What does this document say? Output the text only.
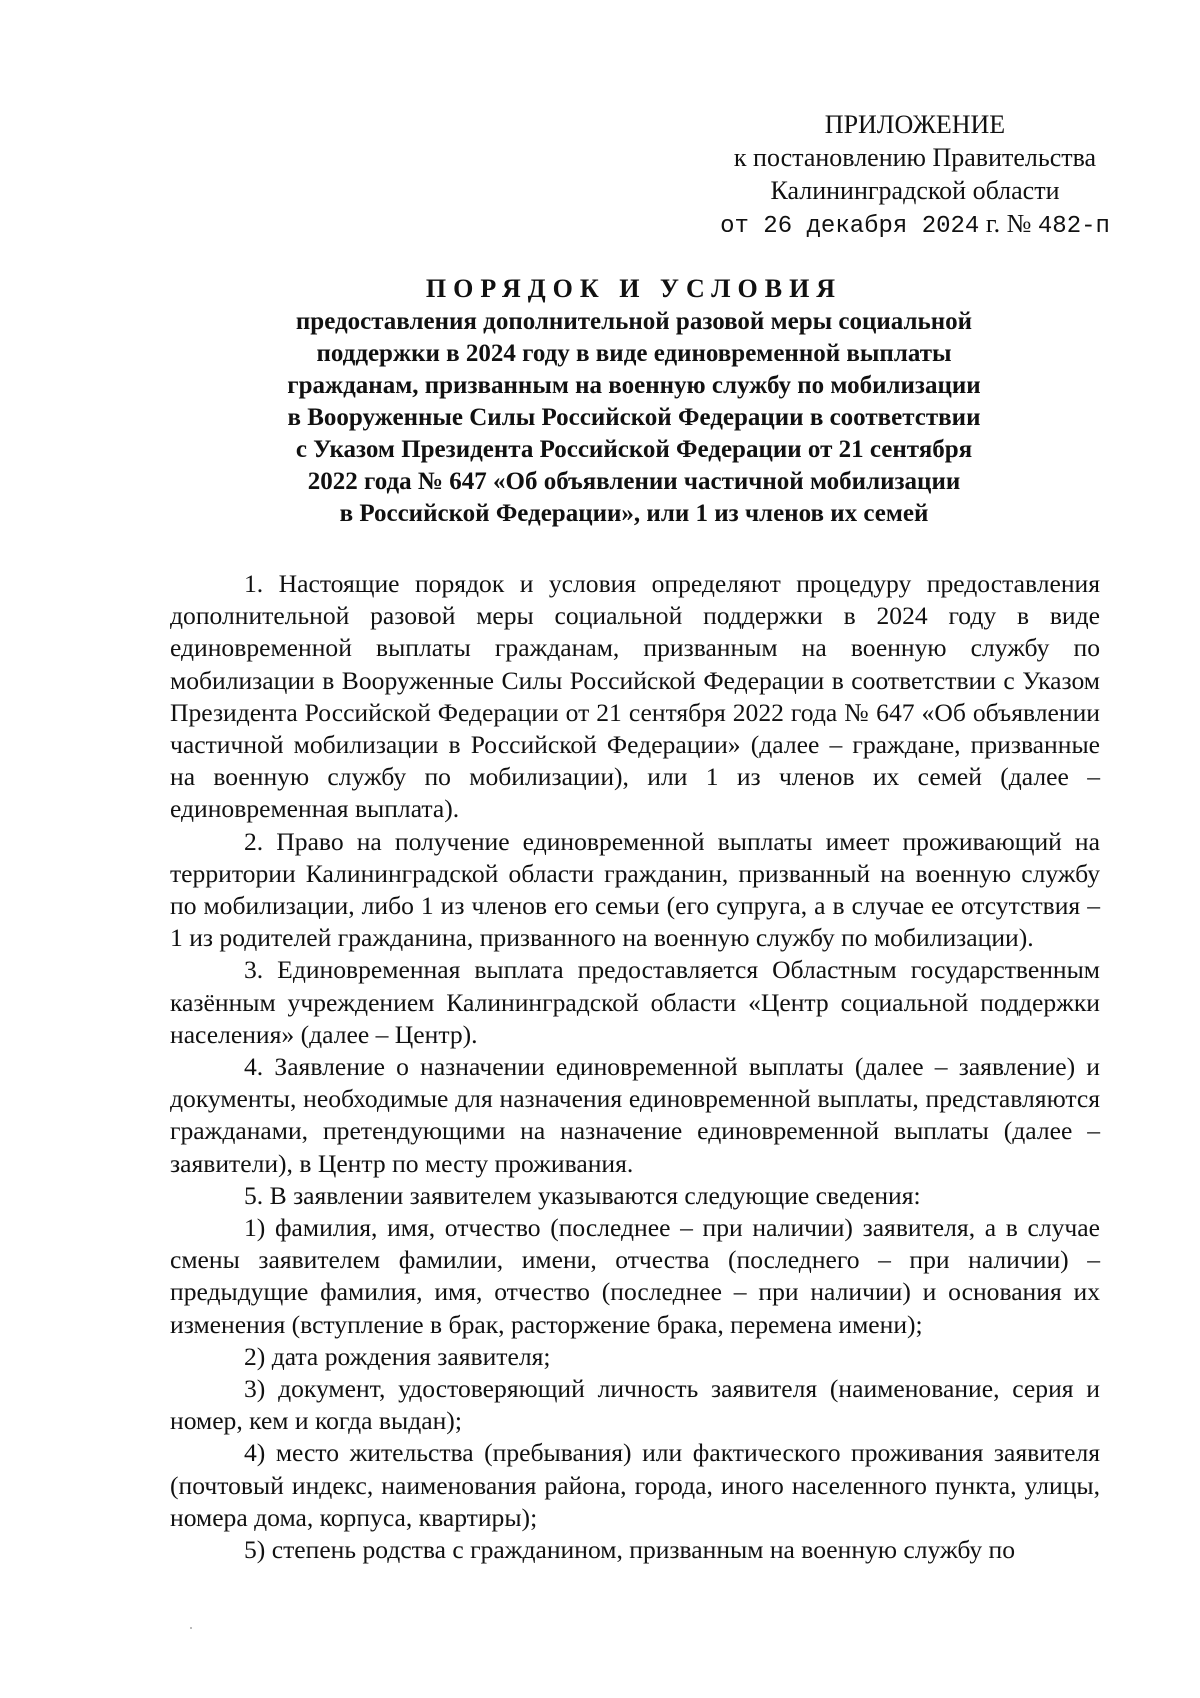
ПРИЛОЖЕНИЕ
к постановлению Правительства
Калининградской области
от 26 декабря 2024 г. № 482-п
ПОРЯДОК И УСЛОВИЯ
предоставления дополнительной разовой меры социальной
поддержки в 2024 году в виде единовременной выплаты
гражданам, призванным на военную службу по мобилизации
в Вооруженные Силы Российской Федерации в соответствии
с Указом Президента Российской Федерации от 21 сентября
2022 года № 647 «Об объявлении частичной мобилизации
в Российской Федерации», или 1 из членов их семей

1. Настоящие порядок и условия определяют процедуру предоставления дополнительной разовой меры социальной поддержки в 2024 году в виде единовременной выплаты гражданам, призванным на военную службу по мобилизации в Вооруженные Силы Российской Федерации в соответствии с Указом Президента Российской Федерации от 21 сентября 2022 года № 647 «Об объявлении частичной мобилизации в Российской Федерации» (далее – граждане, призванные на военную службу по мобилизации), или 1 из членов их семей (далее – единовременная выплата).

2. Право на получение единовременной выплаты имеет проживающий на территории Калининградской области гражданин, призванный на военную службу по мобилизации, либо 1 из членов его семьи (его супруга, а в случае ее отсутствия – 1 из родителей гражданина, призванного на военную службу по мобилизации).

3. Единовременная выплата предоставляется Областным государственным казённым учреждением Калининградской области «Центр социальной поддержки населения» (далее – Центр).

4. Заявление о назначении единовременной выплаты (далее – заявление) и документы, необходимые для назначения единовременной выплаты, представляются гражданами, претендующими на назначение единовременной выплаты (далее – заявители), в Центр по месту проживания.

5. В заявлении заявителем указываются следующие сведения:

1) фамилия, имя, отчество (последнее – при наличии) заявителя, а в случае смены заявителем фамилии, имени, отчества (последнего – при наличии) – предыдущие фамилия, имя, отчество (последнее – при наличии) и основания их изменения (вступление в брак, расторжение брака, перемена имени);

2) дата рождения заявителя;

3) документ, удостоверяющий личность заявителя (наименование, серия и номер, кем и когда выдан);

4) место жительства (пребывания) или фактического проживания заявителя (почтовый индекс, наименования района, города, иного населенного пункта, улицы, номера дома, корпуса, квартиры);

5) степень родства с гражданином, призванным на военную службу по
